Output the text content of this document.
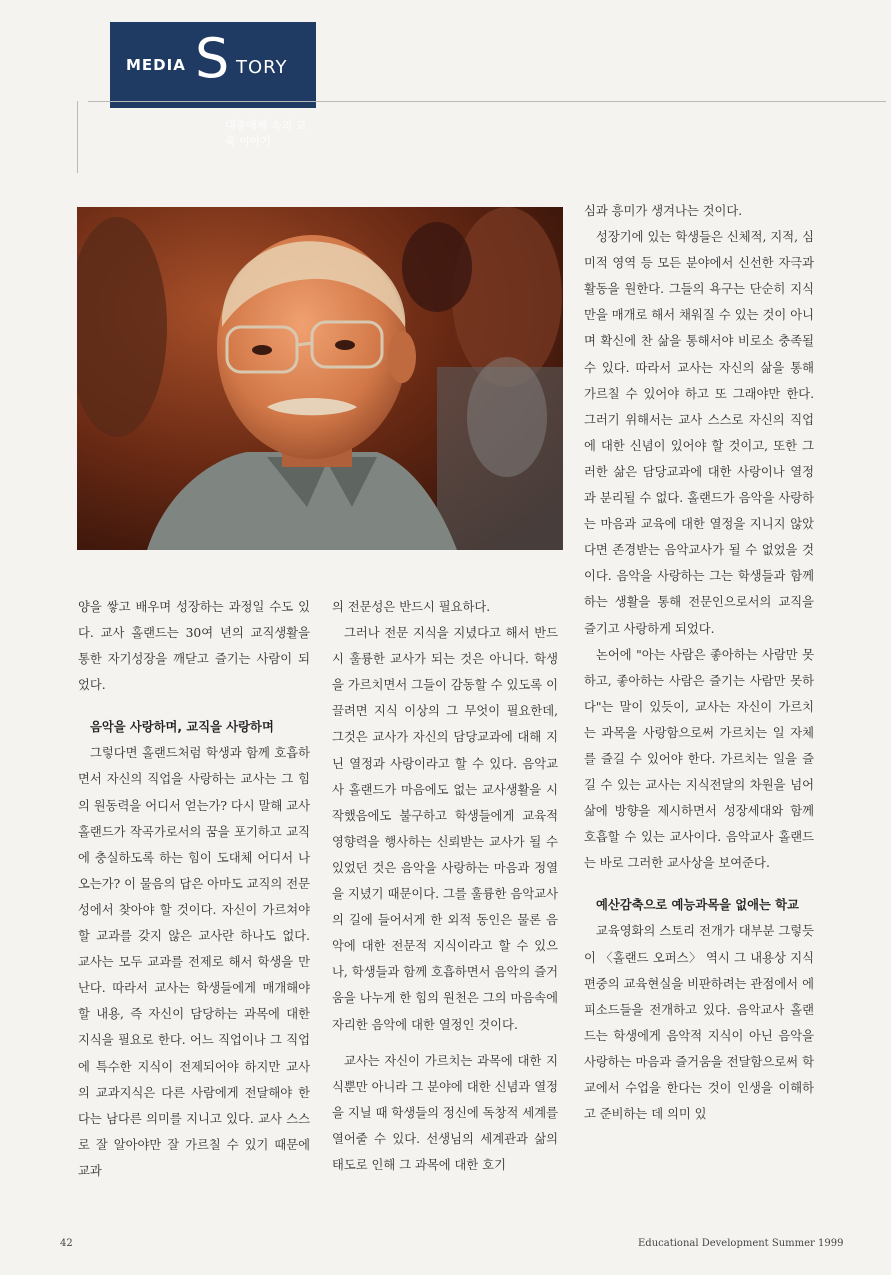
MEDIA S TORY
대중매체 속의 교육 이야기

양을 쌓고 배우며 성장하는 과정일 수도 있다. 교사 홀랜드는 30여 년의 교직생활을 통한 자기성장을 깨닫고 즐기는 사람이 되었다.

음악을 사랑하며, 교직을 사랑하며

그렇다면 홀랜드처럼 학생과 함께 호흡하면서 자신의 직업을 사랑하는 교사는 그 힘의 원동력을 어디서 얻는가? 다시 말해 교사 홀랜드가 작곡가로서의 꿈을 포기하고 교직에 충실하도록 하는 힘이 도대체 어디서 나오는가? 이 물음의 답은 아마도 교직의 전문성에서 찾아야 할 것이다. 자신이 가르쳐야 할 교과를 갖지 않은 교사란 하나도 없다. 교사는 모두 교과를 전제로 해서 학생을 만난다. 따라서 교사는 학생들에게 매개해야 할 내용, 즉 자신이 담당하는 과목에 대한 지식을 필요로 한다. 어느 직업이나 그 직업에 특수한 지식이 전제되어야 하지만 교사의 교과지식은 다른 사람에게 전달해야 한다는 남다른 의미를 지니고 있다. 교사 스스로 잘 알아야만 잘 가르칠 수 있기 때문에 교과

의 전문성은 반드시 필요하다.

그러나 전문 지식을 지녔다고 해서 반드시 훌륭한 교사가 되는 것은 아니다. 학생을 가르치면서 그들이 감동할 수 있도록 이끌려면 지식 이상의 그 무엇이 필요한데, 그것은 교사가 자신의 담당교과에 대해 지닌 열정과 사랑이라고 할 수 있다. 음악교사 홀랜드가 마음에도 없는 교사생활을 시작했음에도 불구하고 학생들에게 교육적 영향력을 행사하는 신뢰받는 교사가 될 수 있었던 것은 음악을 사랑하는 마음과 정열을 지녔기 때문이다. 그를 훌륭한 음악교사의 길에 들어서게 한 외적 동인은 물론 음악에 대한 전문적 지식이라고 할 수 있으나, 학생들과 함께 호흡하면서 음악의 즐거움을 나누게 한 힘의 원천은 그의 마음속에 자리한 음악에 대한 열정인 것이다.

교사는 자신이 가르치는 과목에 대한 지식뿐만 아니라 그 분야에 대한 신념과 열정을 지닐 때 학생들의 정신에 독창적 세계를 열어줄 수 있다. 선생님의 세계관과 삶의 태도로 인해 그 과목에 대한 호기

심과 흥미가 생겨나는 것이다.

성장기에 있는 학생들은 신체적, 지적, 심미적 영역 등 모든 분야에서 신선한 자극과 활동을 원한다. 그들의 욕구는 단순히 지식만을 매개로 해서 채워질 수 있는 것이 아니며 확신에 찬 삶을 통해서야 비로소 충족될 수 있다. 따라서 교사는 자신의 삶을 통해 가르칠 수 있어야 하고 또 그래야만 한다. 그러기 위해서는 교사 스스로 자신의 직업에 대한 신념이 있어야 할 것이고, 또한 그러한 삶은 담당교과에 대한 사랑이나 열정과 분리될 수 없다. 홀랜드가 음악을 사랑하는 마음과 교육에 대한 열정을 지니지 않았다면 존경받는 음악교사가 될 수 없었을 것이다. 음악을 사랑하는 그는 학생들과 함께 하는 생활을 통해 전문인으로서의 교직을 즐기고 사랑하게 되었다.

논어에 "아는 사람은 좋아하는 사람만 못하고, 좋아하는 사람은 즐기는 사람만 못하다"는 말이 있듯이, 교사는 자신이 가르치는 과목을 사랑함으로써 가르치는 일 자체를 즐길 수 있어야 한다. 가르치는 일을 즐길 수 있는 교사는 지식전달의 차원을 넘어 삶에 방향을 제시하면서 성장세대와 함께 호흡할 수 있는 교사이다. 음악교사 홀랜드는 바로 그러한 교사상을 보여준다.

예산감축으로 예능과목을 없애는 학교

교육영화의 스토리 전개가 대부분 그렇듯이 〈홀랜드 오퍼스〉 역시 그 내용상 지식편중의 교육현실을 비판하려는 관점에서 에피소드들을 전개하고 있다. 음악교사 홀랜드는 학생에게 음악적 지식이 아닌 음악을 사랑하는 마음과 즐거움을 전달함으로써 학교에서 수업을 한다는 것이 인생을 이해하고 준비하는 데 의미 있

42	Educational Development Summer 1999
